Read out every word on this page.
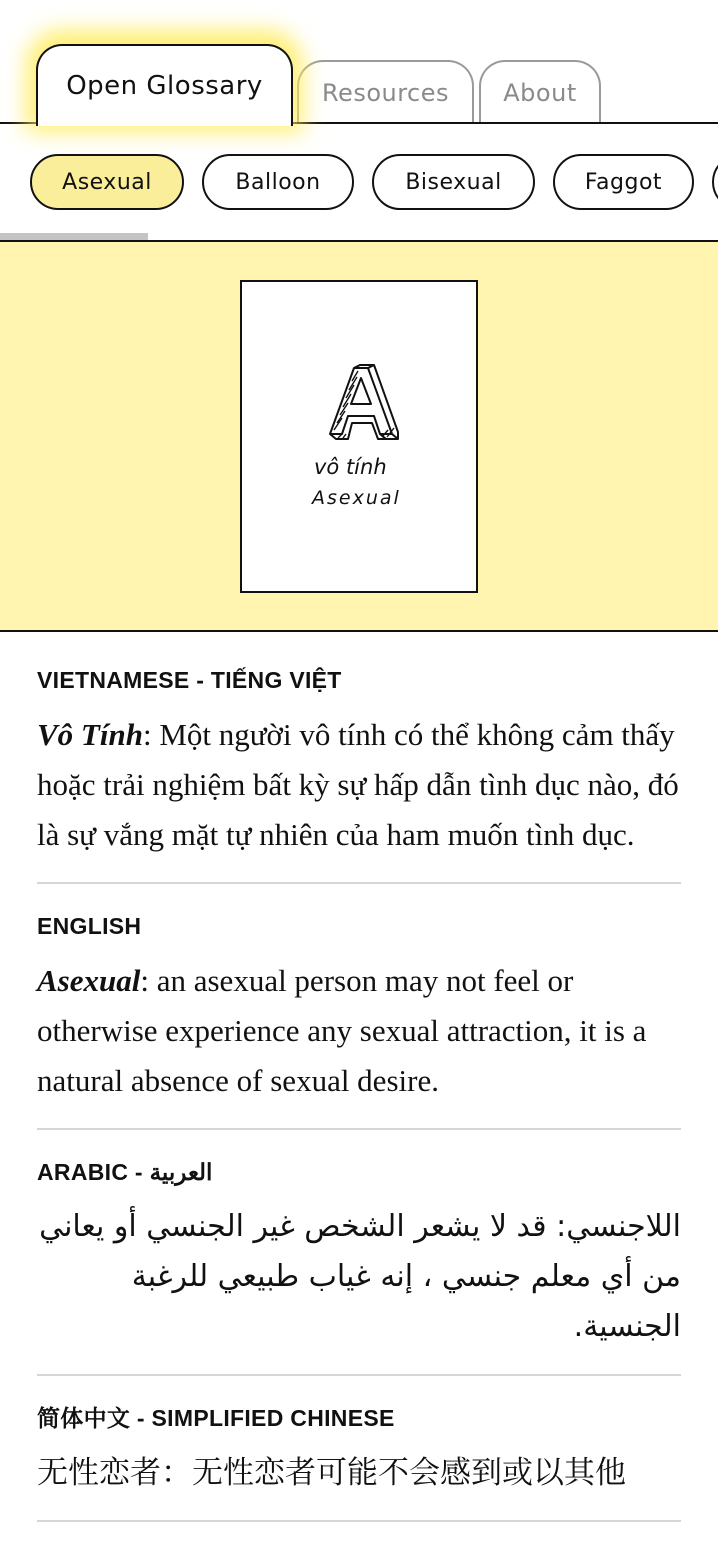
Open Glossary Resources About
Asexual	Balloon	Bisexual	Faggot
vô tính
Asexual
VIETNAMESE - TIẾNG VIỆT

Vô Tính: Một người vô tính có thể không cảm thấy hoặc trải nghiệm bất kỳ sự hấp dẫn tình dục nào, đó là sự vắng mặt tự nhiên của ham muốn tình dục.

ENGLISH

Asexual: an asexual person may not feel or otherwise experience any sexual attraction, it is a natural absence of sexual desire.

ARABIC - العربية

اللاجنسي: قد لا يشعر الشخص غير الجنسي أو يعاني من أي معلم جنسي ، إنه غياب طبيعي للرغبة الجنسية.

简体中文 - SIMPLIFIED CHINESE

无性恋者：无性恋者可能不会感到或以其他
